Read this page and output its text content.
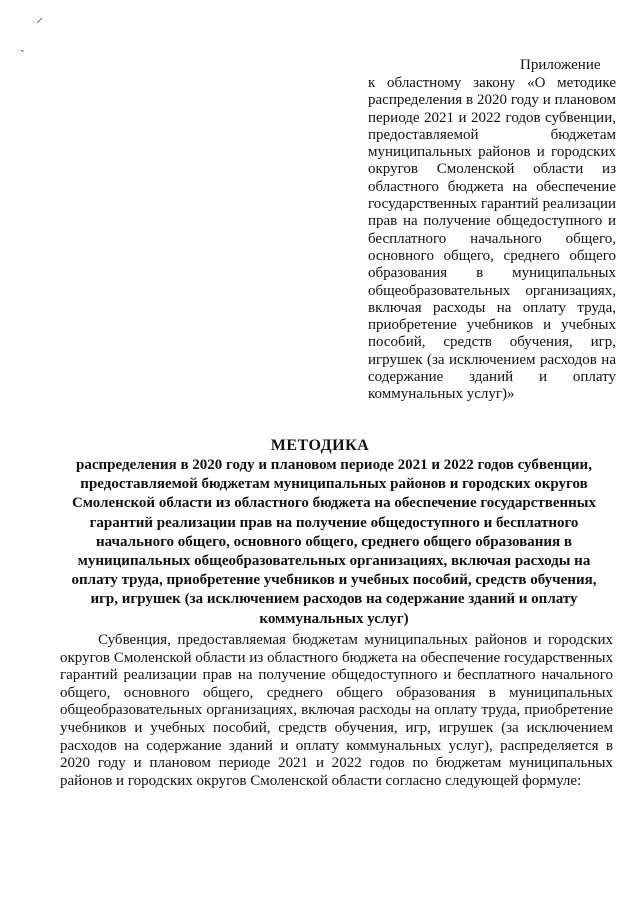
⸝
ˏ
Приложение
к областному закону «О методике распределения в 2020 году и плановом периоде 2021 и 2022 годов субвенции, предоставляемой бюджетам муниципальных районов и городских округов Смоленской области из областного бюджета на обеспечение государственных гарантий реализации прав на получение общедоступного и бесплатного начального общего, основного общего, среднего общего образования в муниципальных общеобразовательных организациях, включая расходы на оплату труда, приобретение учебников и учебных пособий, средств обучения, игр, игрушек (за исключением расходов на содержание зданий и оплату коммунальных услуг)»
МЕТОДИКА
распределения в 2020 году и плановом периоде 2021 и 2022 годов субвенции, предоставляемой бюджетам муниципальных районов и городских округов Смоленской области из областного бюджета на обеспечение государственных гарантий реализации прав на получение общедоступного и бесплатного начального общего, основного общего, среднего общего образования в муниципальных общеобразовательных организациях, включая расходы на оплату труда, приобретение учебников и учебных пособий, средств обучения, игр, игрушек (за исключением расходов на содержание зданий и оплату коммунальных услуг)
Субвенция, предоставляемая бюджетам муниципальных районов и городских округов Смоленской области из областного бюджета на обеспечение государственных гарантий реализации прав на получение общедоступного и бесплатного начального общего, основного общего, среднего общего образования в муниципальных общеобразовательных организациях, включая расходы на оплату труда, приобретение учебников и учебных пособий, средств обучения, игр, игрушек (за исключением расходов на содержание зданий и оплату коммунальных услуг), распределяется в 2020 году и плановом периоде 2021 и 2022 годов по бюджетам муниципальных районов и городских округов Смоленской области согласно следующей формуле:
